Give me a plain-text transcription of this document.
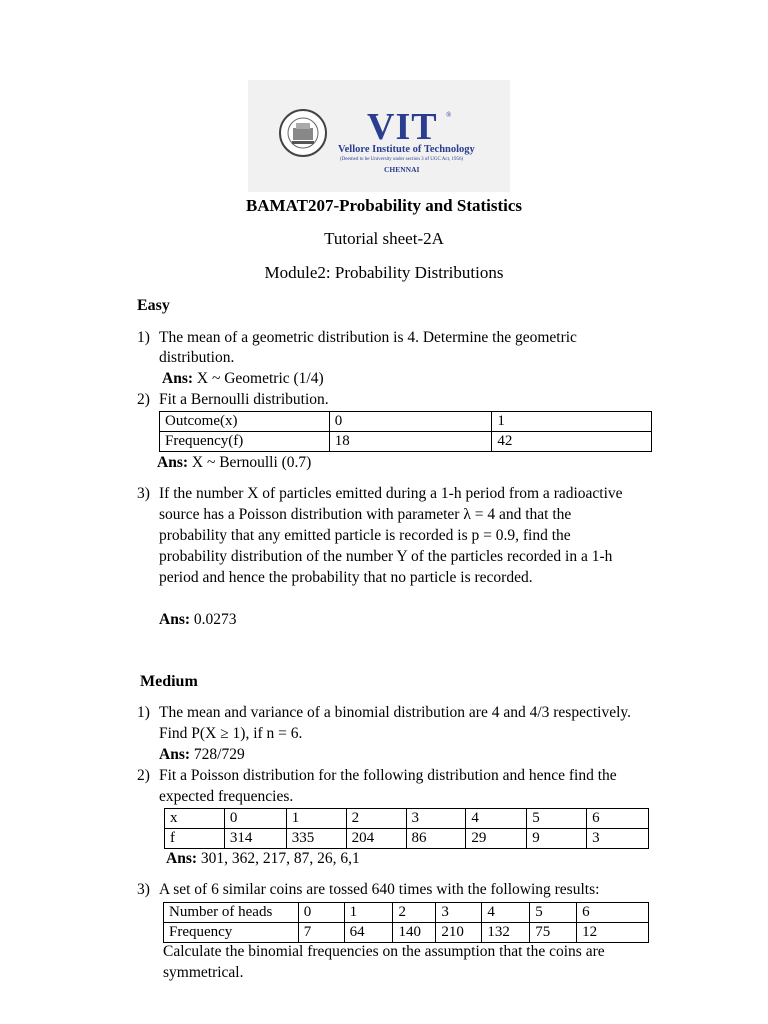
VIT ®
Vellore Institute of Technology
(Deemed to be University under section 3 of UGC Act, 1956)
CHENNAI
BAMAT207-Probability and Statistics
Tutorial sheet-2A
Module2: Probability Distributions
Easy
1) The mean of a geometric distribution is 4. Determine the geometric
distribution.
Ans: X ~ Geometric (1/4)
2) Fit a Bernoulli distribution.
Outcome(x)	0	1
Frequency(f)	18	42
Ans: X ~ Bernoulli (0.7)
3) If the number X of particles emitted during a 1-h period from a radioactive
source has a Poisson distribution with parameter λ = 4 and that the
probability that any emitted particle is recorded is p = 0.9, find the
probability distribution of the number Y of the particles recorded in a 1-h
period and hence the probability that no particle is recorded.
Ans: 0.0273
Medium
1) The mean and variance of a binomial distribution are 4 and 4/3 respectively.
Find P(X ≥ 1), if n = 6.
Ans: 728/729
2) Fit a Poisson distribution for the following distribution and hence find the
expected frequencies.
x	0	1	2	3	4	5	6
f	314	335	204	86	29	9	3
Ans: 301, 362, 217, 87, 26, 6,1
3) A set of 6 similar coins are tossed 640 times with the following results:
Number of heads	0	1	2	3	4	5	6
Frequency	7	64	140	210	132	75	12
Calculate the binomial frequencies on the assumption that the coins are
symmetrical.
